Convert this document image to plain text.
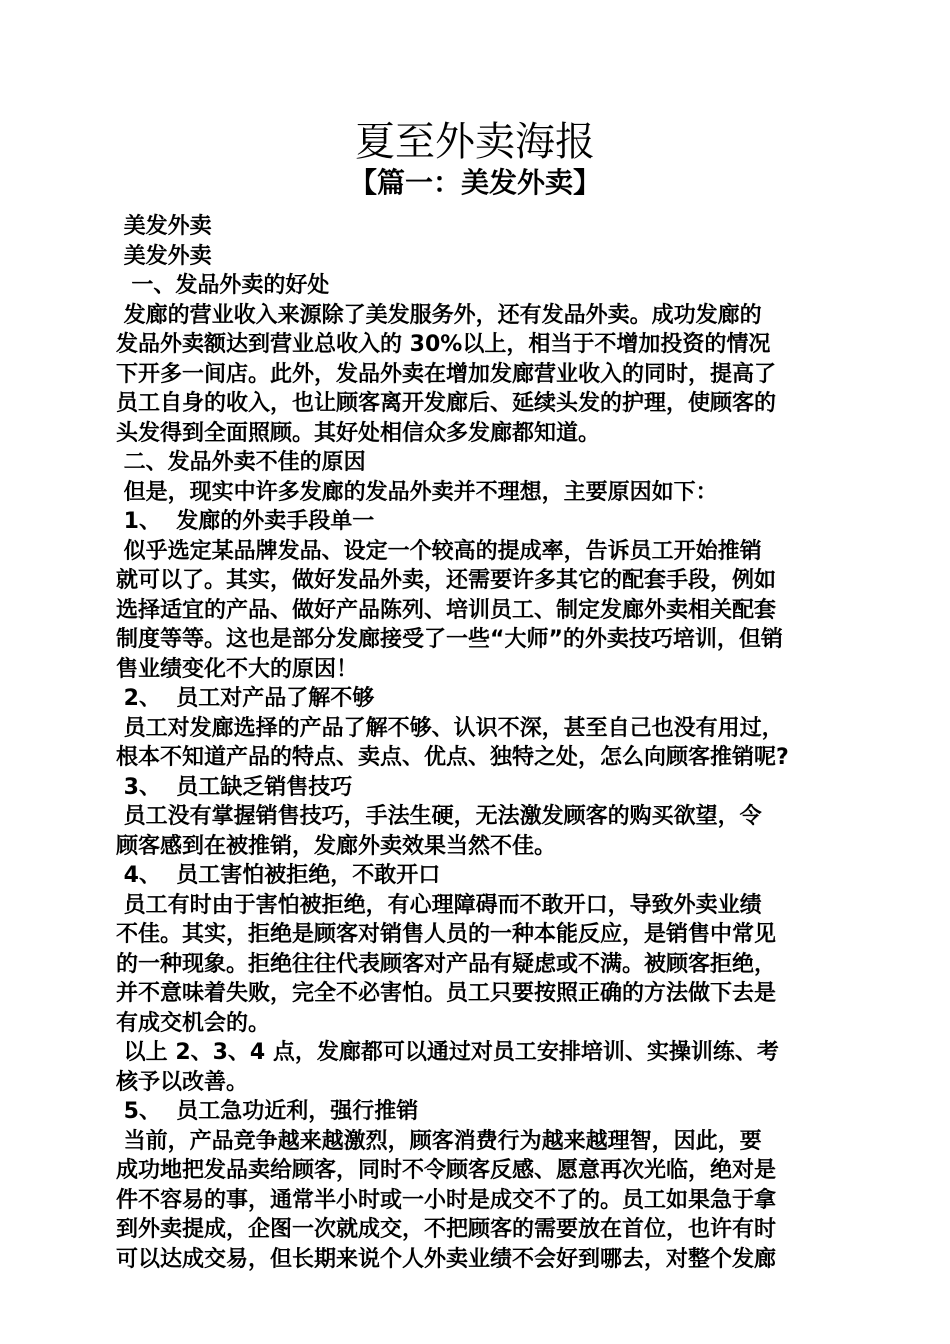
夏至外卖海报
【篇一：美发外卖】
美发外卖
美发外卖
一、发品外卖的好处
发廊的营业收入来源除了美发服务外，还有发品外卖。成功发廊的
发品外卖额达到营业总收入的 30%以上，相当于不增加投资的情况
下开多一间店。此外，发品外卖在增加发廊营业收入的同时，提高了
员工自身的收入，也让顾客离开发廊后、延续头发的护理，使顾客的
头发得到全面照顾。其好处相信众多发廊都知道。
二、发品外卖不佳的原因
但是，现实中许多发廊的发品外卖并不理想，主要原因如下：
1、  发廊的外卖手段单一
似乎选定某品牌发品、设定一个较高的提成率，告诉员工开始推销
就可以了。其实，做好发品外卖，还需要许多其它的配套手段，例如
选择适宜的产品、做好产品陈列、培训员工、制定发廊外卖相关配套
制度等等。这也是部分发廊接受了一些“大师”的外卖技巧培训，但销
售业绩变化不大的原因！
2、  员工对产品了解不够
员工对发廊选择的产品了解不够、认识不深，甚至自己也没有用过，
根本不知道产品的特点、卖点、优点、独特之处，怎么向顾客推销呢?
3、  员工缺乏销售技巧
员工没有掌握销售技巧，手法生硬，无法激发顾客的购买欲望，令
顾客感到在被推销，发廊外卖效果当然不佳。
4、  员工害怕被拒绝，不敢开口
员工有时由于害怕被拒绝，有心理障碍而不敢开口，导致外卖业绩
不佳。其实，拒绝是顾客对销售人员的一种本能反应，是销售中常见
的一种现象。拒绝往往代表顾客对产品有疑虑或不满。被顾客拒绝，
并不意味着失败，完全不必害怕。员工只要按照正确的方法做下去是
有成交机会的。
以上 2、3、4 点，发廊都可以通过对员工安排培训、实操训练、考
核予以改善。
5、  员工急功近利，强行推销
当前，产品竞争越来越激烈，顾客消费行为越来越理智，因此，要
成功地把发品卖给顾客，同时不令顾客反感、愿意再次光临，绝对是
件不容易的事，通常半小时或一小时是成交不了的。员工如果急于拿
到外卖提成，企图一次就成交，不把顾客的需要放在首位，也许有时
可以达成交易，但长期来说个人外卖业绩不会好到哪去，对整个发廊
